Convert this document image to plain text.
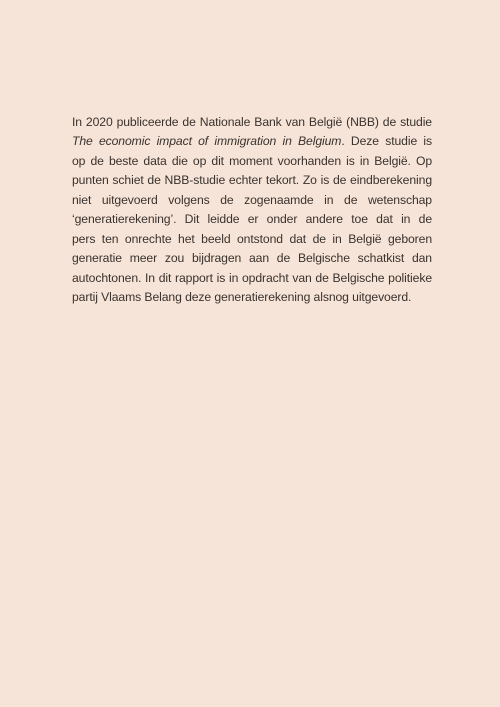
In 2020 publiceerde de Nationale Bank van België (NBB) de studie
The economic impact of immigration in Belgium. Deze studie is
op de beste data die op dit moment voorhanden is in België. Op
punten schiet de NBB-studie echter tekort. Zo is de eindberekening
niet uitgevoerd volgens de zogenaamde in de wetenschap
‘generatierekening’. Dit leidde er onder andere toe dat in de
pers ten onrechte het beeld ontstond dat de in België geboren
generatie meer zou bijdragen aan de Belgische schatkist dan
autochtonen. In dit rapport is in opdracht van de Belgische politieke
partij Vlaams Belang deze generatierekening alsnog uitgevoerd.
